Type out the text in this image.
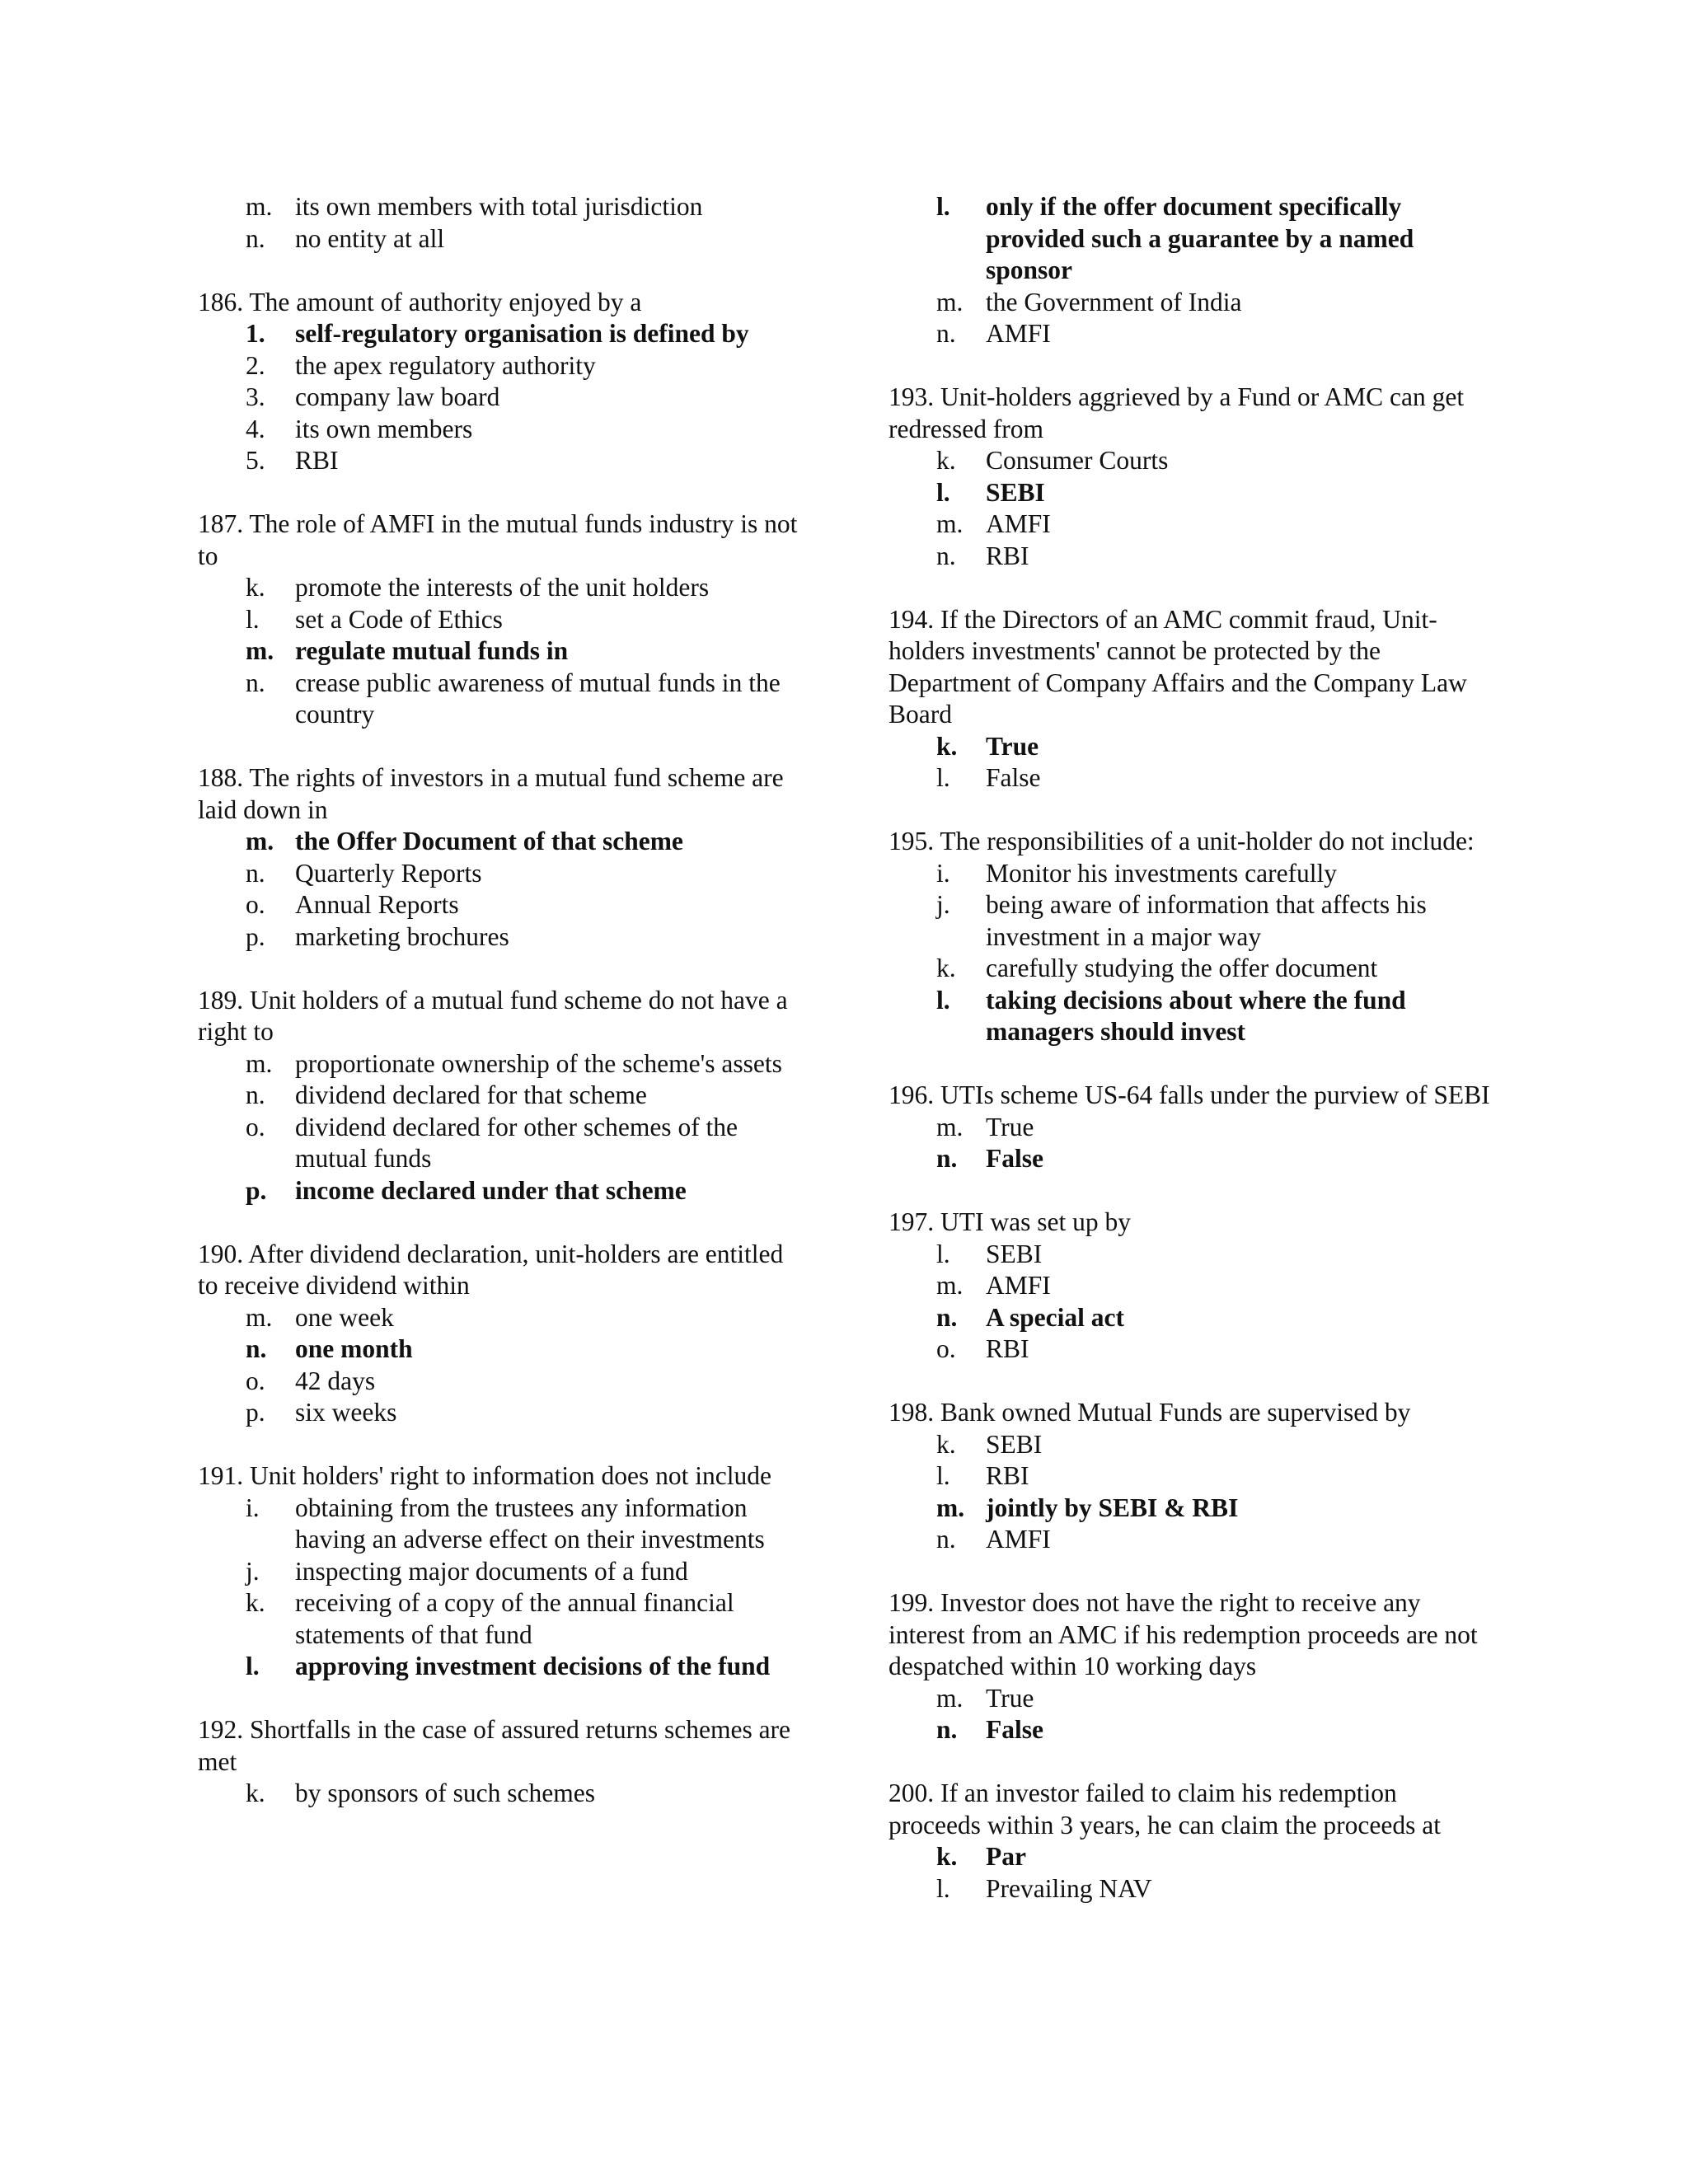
m. its own members with total jurisdiction
n.	no entity at all
186. The amount of authority enjoyed by a
1.	self-regulatory organisation is defined by
2.	the apex regulatory authority
3.	company law board
4.	its own members
5.	RBI
187. The role of AMFI in the mutual funds industry is not to
k.	promote the interests of the unit holders
l.	set a Code of Ethics
m. regulate mutual funds in
n.	crease public awareness of mutual funds in the country
188. The rights of investors in a mutual fund scheme are laid down in
m. the Offer Document of that scheme
n.	Quarterly Reports
o.	Annual Reports
p.	marketing brochures
189. Unit holders of a mutual fund scheme do not have a right to
m. proportionate ownership of the scheme's assets
n.	dividend declared for that scheme
o.	dividend declared for other schemes of the mutual funds
p.	income declared under that scheme
190. After dividend declaration, unit-holders are entitled to receive dividend within
m. one week
n.	one month
o.	42 days
p.	six weeks
191. Unit holders' right to information does not include
i.	obtaining from the trustees any information having an adverse effect on their investments
j.	inspecting major documents of a fund
k.	receiving of a copy of the annual financial statements of that fund
l.	approving investment decisions of the fund
192. Shortfalls in the case of assured returns schemes are met
k.	by sponsors of such schemes
l.	only if the offer document specifically provided such a guarantee by a named sponsor
m. the Government of India
n.	AMFI
193. Unit-holders aggrieved by a Fund or AMC can get redressed from
k.	Consumer Courts
l.	SEBI
m. AMFI
n.	RBI
194. If the Directors of an AMC commit fraud, Unit-holders investments' cannot be protected by the Department of Company Affairs and the Company Law Board
k.	True
l.	False
195. The responsibilities of a unit-holder do not include:
i.	Monitor his investments carefully
j.	being aware of information that affects his investment in a major way
k.	carefully studying the offer document
l.	taking decisions about where the fund managers should invest
196. UTIs scheme US-64 falls under the purview of SEBI
m. True
n.	False
197. UTI was set up by
l.	SEBI
m. AMFI
n.	A special act
o.	RBI
198. Bank owned Mutual Funds are supervised by
k.	SEBI
l.	RBI
m. jointly by SEBI & RBI
n.	AMFI
199. Investor does not have the right to receive any interest from an AMC if his redemption proceeds are not despatched within 10 working days
m. True
n.	False
200. If an investor failed to claim his redemption proceeds within 3 years, he can claim the proceeds at
k.	Par
l.	Prevailing NAV
